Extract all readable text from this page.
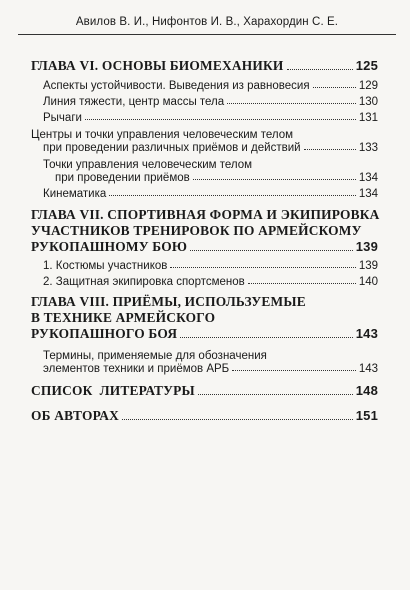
Авилов В. И., Нифонтов И. В., Харахордин С. Е.
ГЛАВА VI. ОСНОВЫ БИОМЕХАНИКИ	125
Аспекты устойчивости. Выведения из равновесия	129
Линия тяжести, центр массы тела	130
Рычаги	131
Центры и точки управления человеческим телом
при проведении различных приёмов и действий	133
Точки управления человеческим телом
при проведении приёмов	134
Кинематика	134
ГЛАВА VII. СПОРТИВНАЯ ФОРМА И ЭКИПИРОВКА
УЧАСТНИКОВ ТРЕНИРОВОК ПО АРМЕЙСКОМУ
РУКОПАШНОМУ БОЮ	139
1. Костюмы участников	139
2. Защитная экипировка спортсменов	140
ГЛАВА VIII. ПРИЁМЫ, ИСПОЛЬЗУЕМЫЕ
В ТЕХНИКЕ АРМЕЙСКОГО
РУКОПАШНОГО БОЯ	143
Термины, применяемые для обозначения
элементов техники и приёмов АРБ	143
СПИСОК  ЛИТЕРАТУРЫ	148
ОБ АВТОРАХ	151
